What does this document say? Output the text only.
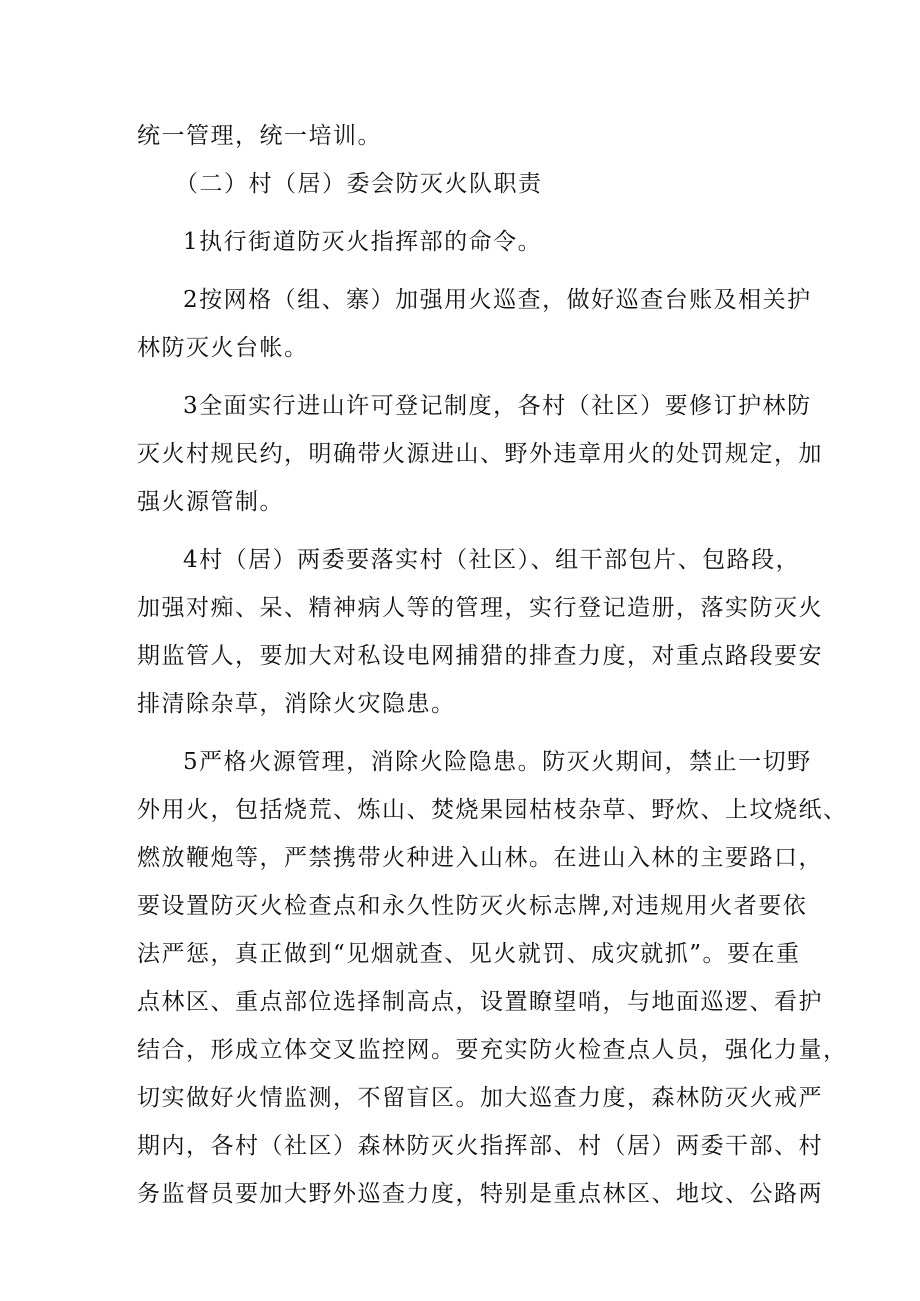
统一管理，统一培训。
（二）村（居）委会防灭火队职责
1执行街道防灭火指挥部的命令。
2按网格（组、寨）加强用火巡查，做好巡查台账及相关护
林防灭火台帐。
3全面实行进山许可登记制度，各村（社区）要修订护林防
灭火村规民约，明确带火源进山、野外违章用火的处罚规定，加
强火源管制。
4村（居）两委要落实村（社区）、组干部包片、包路段，
加强对痴、呆、精神病人等的管理，实行登记造册，落实防灭火
期监管人，要加大对私设电网捕猎的排查力度，对重点路段要安
排清除杂草，消除火灾隐患。
5严格火源管理，消除火险隐患。防灭火期间，禁止一切野
外用火，包括烧荒、炼山、焚烧果园枯枝杂草、野炊、上坟烧纸、
燃放鞭炮等，严禁携带火种进入山林。在进山入林的主要路口，
要设置防灭火检查点和永久性防灭火标志牌,对违规用火者要依
法严惩，真正做到“见烟就查、见火就罚、成灾就抓”。要在重
点林区、重点部位选择制高点，设置瞭望哨，与地面巡逻、看护
结合，形成立体交叉监控网。要充实防火检查点人员，强化力量，
切实做好火情监测，不留盲区。加大巡查力度，森林防灭火戒严
期内，各村（社区）森林防灭火指挥部、村（居）两委干部、村
务监督员要加大野外巡查力度，特别是重点林区、地坟、公路两
